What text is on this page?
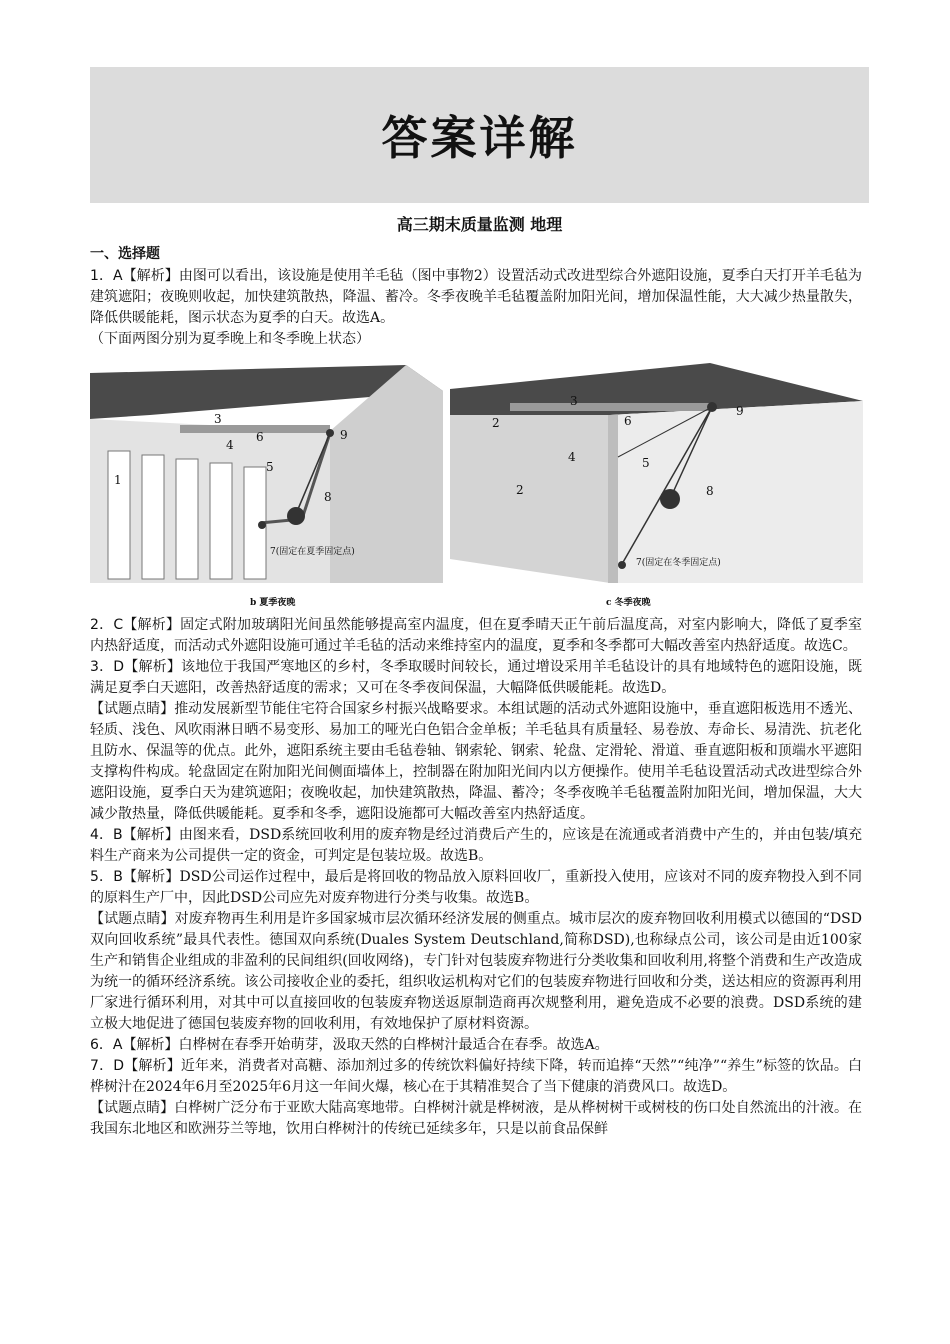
答案详解
高三期末质量监测 地理
一、选择题

1．A【解析】由图可以看出，该设施是使用羊毛毡（图中事物2）设置活动式改进型综合外遮阳设施，夏季白天打开羊毛毡为建筑遮阳；夜晚则收起，加快建筑散热，降温、蓄冷。冬季夜晚羊毛毡覆盖附加阳光间，增加保温性能，大大减少热量散失，降低供暖能耗，图示状态为夏季的白天。故选A。

（下面两图分别为夏季晚上和冬季晚上状态）

1
3
4
5
6
8
9
7(固定在夏季固定点)
b 夏季夜晚
2
2
3
4	5
6
8
9
7(固定在冬季固定点)
c 冬季夜晚

2．C【解析】固定式附加玻璃阳光间虽然能够提高室内温度，但在夏季晴天正午前后温度高，对室内影响大，降低了夏季室内热舒适度，而活动式外遮阳设施可通过羊毛毡的活动来维持室内的温度，夏季和冬季都可大幅改善室内热舒适度。故选C。

3．D【解析】该地位于我国严寒地区的乡村，冬季取暖时间较长，通过增设采用羊毛毡设计的具有地域特色的遮阳设施，既满足夏季白天遮阳，改善热舒适度的需求；又可在冬季夜间保温，大幅降低供暖能耗。故选D。

【试题点睛】推动发展新型节能住宅符合国家乡村振兴战略要求。本组试题的活动式外遮阳设施中，垂直遮阳板选用不透光、轻质、浅色、风吹雨淋日晒不易变形、易加工的哑光白色铝合金单板；羊毛毡具有质量轻、易卷放、寿命长、易清洗、抗老化且防水、保温等的优点。此外，遮阳系统主要由毛毡卷轴、钢索轮、钢索、轮盘、定滑轮、滑道、垂直遮阳板和顶端水平遮阳支撑构件构成。轮盘固定在附加阳光间侧面墙体上，控制器在附加阳光间内以方便操作。使用羊毛毡设置活动式改进型综合外遮阳设施，夏季白天为建筑遮阳；夜晚收起，加快建筑散热，降温、蓄冷；冬季夜晚羊毛毡覆盖附加阳光间，增加保温，大大减少散热量，降低供暖能耗。夏季和冬季，遮阳设施都可大幅改善室内热舒适度。

4．B【解析】由图来看，DSD系统回收利用的废弃物是经过消费后产生的，应该是在流通或者消费中产生的，并由包装/填充料生产商来为公司提供一定的资金，可判定是包装垃圾。故选B。

5．B【解析】DSD公司运作过程中，最后是将回收的物品放入原料回收厂，重新投入使用，应该对不同的废弃物投入到不同的原料生产厂中，因此DSD公司应先对废弃物进行分类与收集。故选B。

【试题点睛】对废弃物再生利用是许多国家城市层次循环经济发展的侧重点。城市层次的废弃物回收利用模式以德国的“DSD双向回收系统”最具代表性。德国双向系统(Duales System Deutschland,简称DSD),也称绿点公司，该公司是由近100家生产和销售企业组成的非盈利的民间组织(回收网络)，专门针对包装废弃物进行分类收集和回收利用,将整个消费和生产改造成为统一的循环经济系统。该公司接收企业的委托，组织收运机构对它们的包装废弃物进行回收和分类，送达相应的资源再利用厂家进行循环利用，对其中可以直接回收的包装废弃物送返原制造商再次规整利用，避免造成不必要的浪费。DSD系统的建立极大地促进了德国包装废弃物的回收利用，有效地保护了原材料资源。

6．A【解析】白桦树在春季开始萌芽，汲取天然的白桦树汁最适合在春季。故选A。

7．D【解析】近年来，消费者对高糖、添加剂过多的传统饮料偏好持续下降，转而追捧“天然”“纯净”“养生”标签的饮品。白桦树汁在2024年6月至2025年6月这一年间火爆，核心在于其精准契合了当下健康的消费风口。故选D。

【试题点睛】白桦树广泛分布于亚欧大陆高寒地带。白桦树汁就是桦树液，是从桦树树干或树枝的伤口处自然流出的汁液。在我国东北地区和欧洲芬兰等地，饮用白桦树汁的传统已延续多年，只是以前食品保鲜
